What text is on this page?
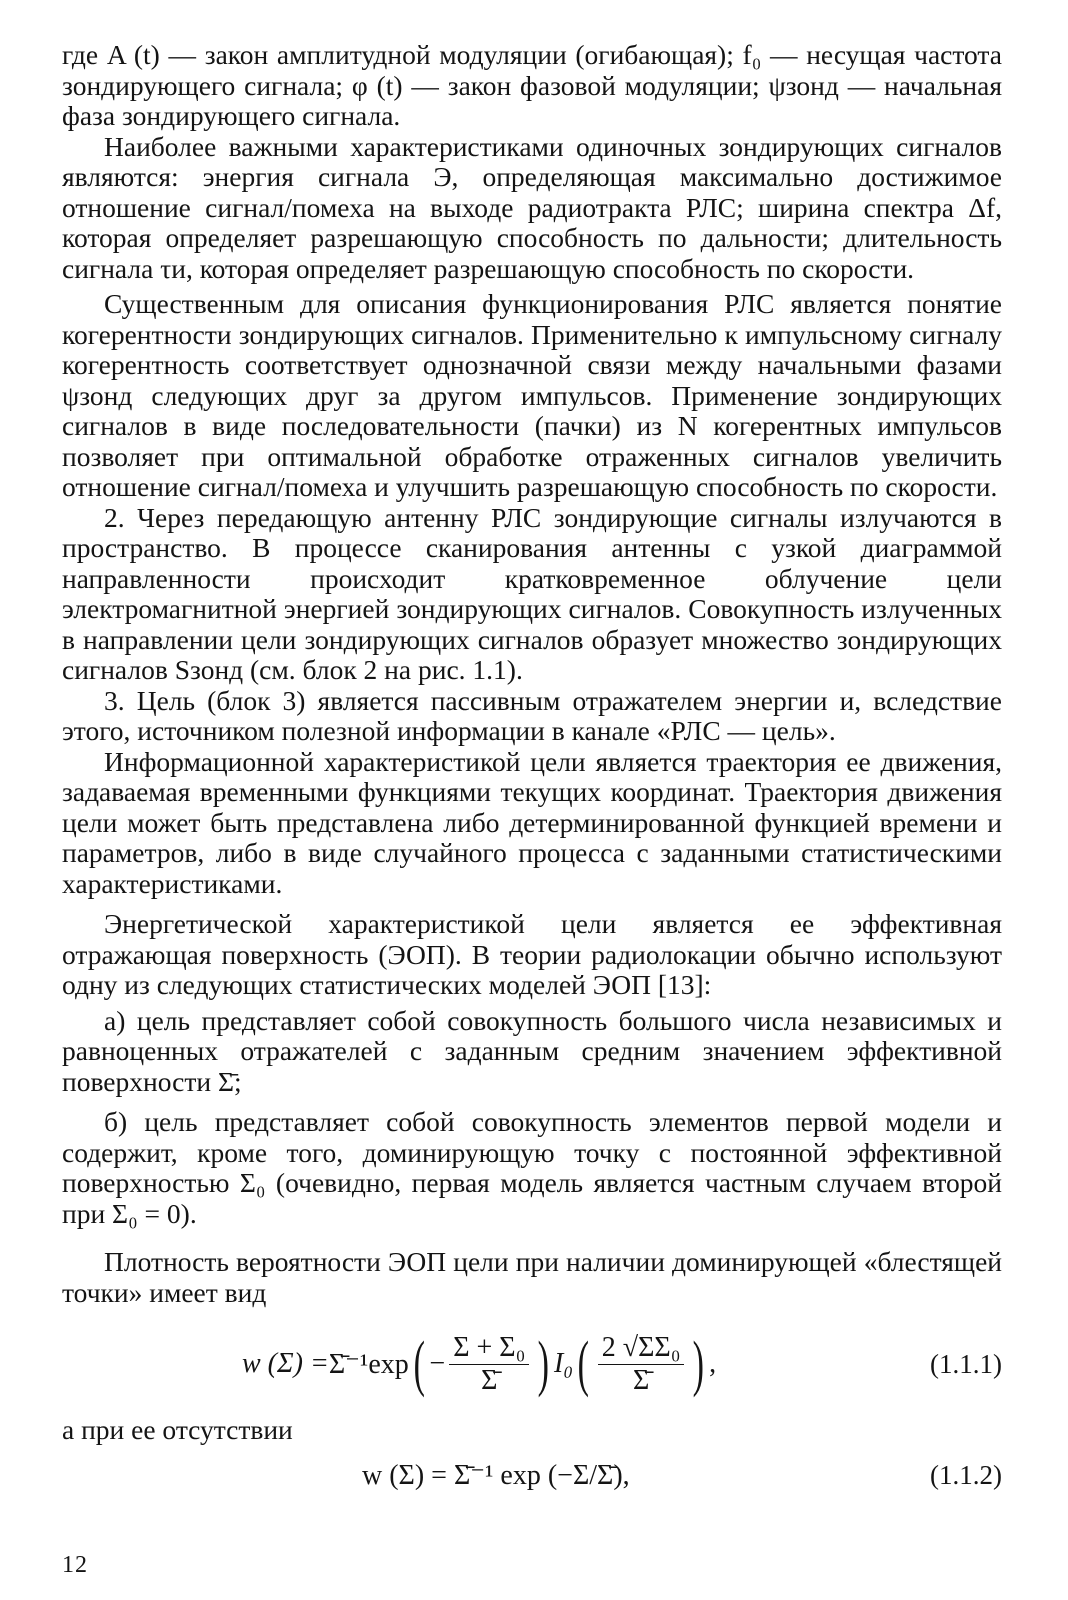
где A (t) — закон амплитудной модуляции (огибающая); f₀ — несущая частота зондирующего сигнала; φ (t) — закон фазовой модуляции; ψзонд — начальная фаза зондирующего сигнала.

Наиболее важными характеристиками одиночных зондирующих сигналов являются: энергия сигнала Э, определяющая максимально достижимое отношение сигнал/помеха на выходе радиотракта РЛС; ширина спектра Δf, которая определяет разрешающую способность по дальности; длительность сигнала τи, которая определяет разрешающую способность по скорости.

Существенным для описания функционирования РЛС является понятие когерентности зондирующих сигналов. Применительно к импульсному сигналу когерентность соответствует однозначной связи между начальными фазами ψзонд следующих друг за другом импульсов. Применение зондирующих сигналов в виде последовательности (пачки) из N когерентных импульсов позволяет при оптимальной обработке отраженных сигналов увеличить отношение сигнал/помеха и улучшить разрешающую способность по скорости.

2. Через передающую антенну РЛС зондирующие сигналы излучаются в пространство. В процессе сканирования антенны с узкой диаграммой направленности происходит кратковременное облучение цели электромагнитной энергией зондирующих сигналов. Совокупность излученных в направлении цели зондирующих сигналов образует множество зондирующих сигналов Sзонд (см. блок 2 на рис. 1.1).

3. Цель (блок 3) является пассивным отражателем энергии и, вследствие этого, источником полезной информации в канале «РЛС — цель».

Информационной характеристикой цели является траектория ее движения, задаваемая временными функциями текущих координат. Траектория движения цели может быть представлена либо детерминированной функцией времени и параметров, либо в виде случайного процесса с заданными статистическими характеристиками.

Энергетической характеристикой цели является ее эффективная отражающая поверхность (ЭОП). В теории радиолокации обычно используют одну из следующих статистических моделей ЭОП [13]:

а) цель представляет собой совокупность большого числа независимых и равноценных отражателей с заданным средним значением эффективной поверхности Σ̄;

б) цель представляет собой совокупность элементов первой модели и содержит, кроме того, доминирующую точку с постоянной эффективной поверхностью Σ₀ (очевидно, первая модель является частным случаем второй при Σ₀ = 0).

Плотность вероятности ЭОП цели при наличии доминирующей «блестящей точки» имеет вид

w (Σ) = Σ̄⁻¹exp ( − $\frac{\text{Σ + Σ₀}}{\Sigmā}$ ) I₀ ( $\frac{\text{2 √ΣΣ₀}}{\Sigmā}$ ) ,	(1.1.1)
а при ее отсутствии
w (Σ) = Σ̄⁻¹ exp (−Σ/Σ̄),	(1.1.2)
12
